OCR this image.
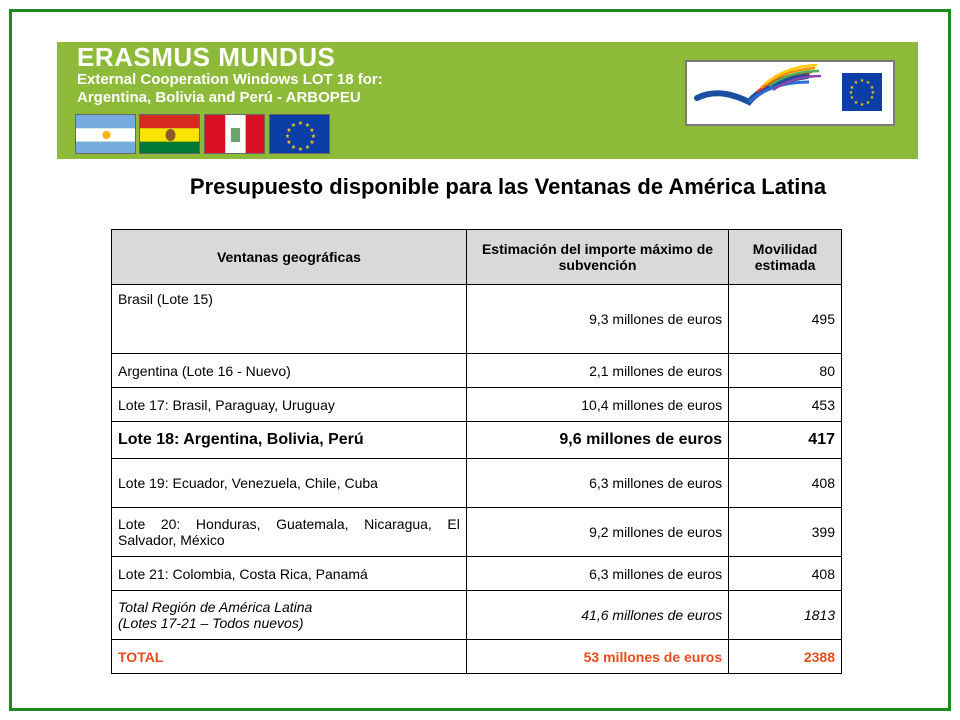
ERASMUS MUNDUS
External Cooperation Windows LOT 18 for:
Argentina, Bolivia and Perú - ARBOPEU
★ ★
★
★
★
★
★
★
★
★
★
★
★ ★
★
★
★
★
★
★
★
★
★
★
Presupuesto disponible para las Ventanas de América Latina
Ventanas geográficas	Estimación del importe máximo de subvención	Movilidad estimada
Brasil (Lote 15)	9,3 millones de euros	495
Argentina (Lote 16 - Nuevo)	2,1 millones de euros	80
Lote 17: Brasil, Paraguay, Uruguay	10,4 millones de euros	453
Lote 18: Argentina, Bolivia, Perú	9,6 millones de euros	417
Lote 19: Ecuador, Venezuela, Chile, Cuba	6,3 millones de euros	408
Lote 20: Honduras, Guatemala, Nicaragua, El Salvador, México	9,2 millones de euros	399
Lote 21: Colombia, Costa Rica, Panamá	6,3 millones de euros	408
Total Región de América Latina
(Lotes 17-21 – Todos nuevos)	41,6 millones de euros	1813
TOTAL	53 millones de euros	2388
